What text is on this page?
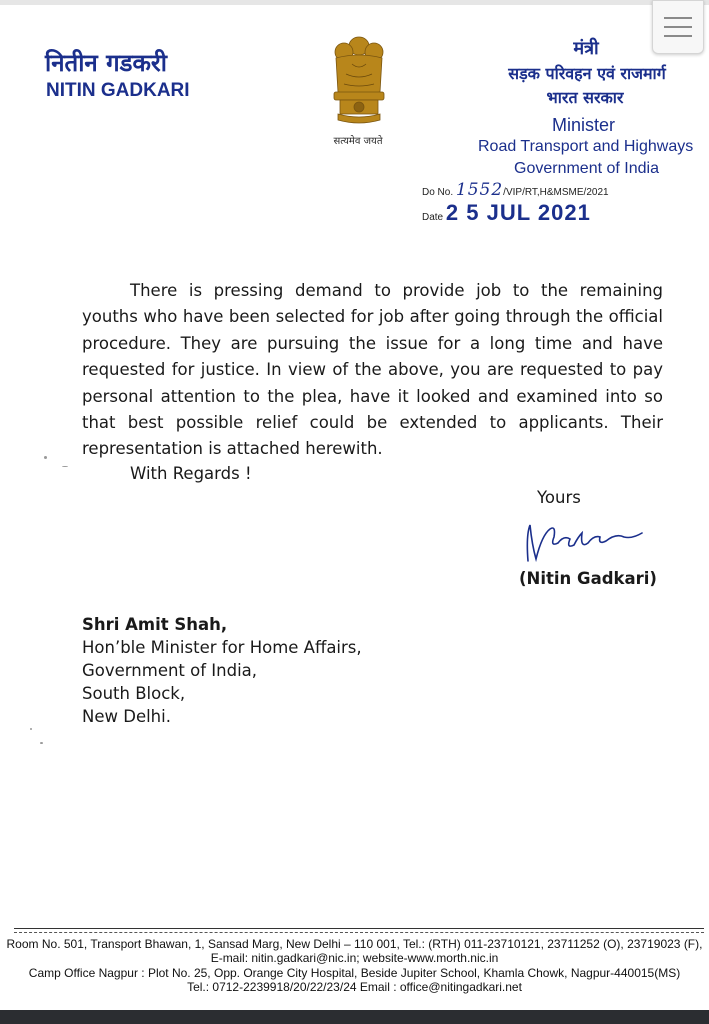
नितीन गडकरी
NITIN GADKARI
सत्यमेव जयते
मंत्री
सड़क परिवहन एवं राजमार्ग
भारत सरकार
Minister
Road Transport and Highways
Government of India
Do No. 1552/VIP/RT,H&MSME/2021
Date 2 5 JUL 2021
There is pressing demand to provide job to the remaining youths who have been selected for job after going through the official procedure. They are pursuing the issue for a long time and have requested for justice. In view of the above, you are requested to pay personal attention to the plea, have it looked and examined into so that best possible relief could be extended to applicants. Their representation is attached herewith.
With Regards !
Yours
(Nitin Gadkari)
Shri Amit Shah,
Hon’ble Minister for Home Affairs,
Government of India,
South Block,
New Delhi.
Room No. 501, Transport Bhawan, 1, Sansad Marg, New Delhi – 110 001, Tel.: (RTH) 011-23710121, 23711252 (O), 23719023 (F),
E-mail: nitin.gadkari@nic.in; website-www.morth.nic.in
Camp Office Nagpur : Plot No. 25, Opp. Orange City Hospital, Beside Jupiter School, Khamla Chowk, Nagpur-440015(MS)
Tel.: 0712-2239918/20/22/23/24 Email : office@nitingadkari.net
